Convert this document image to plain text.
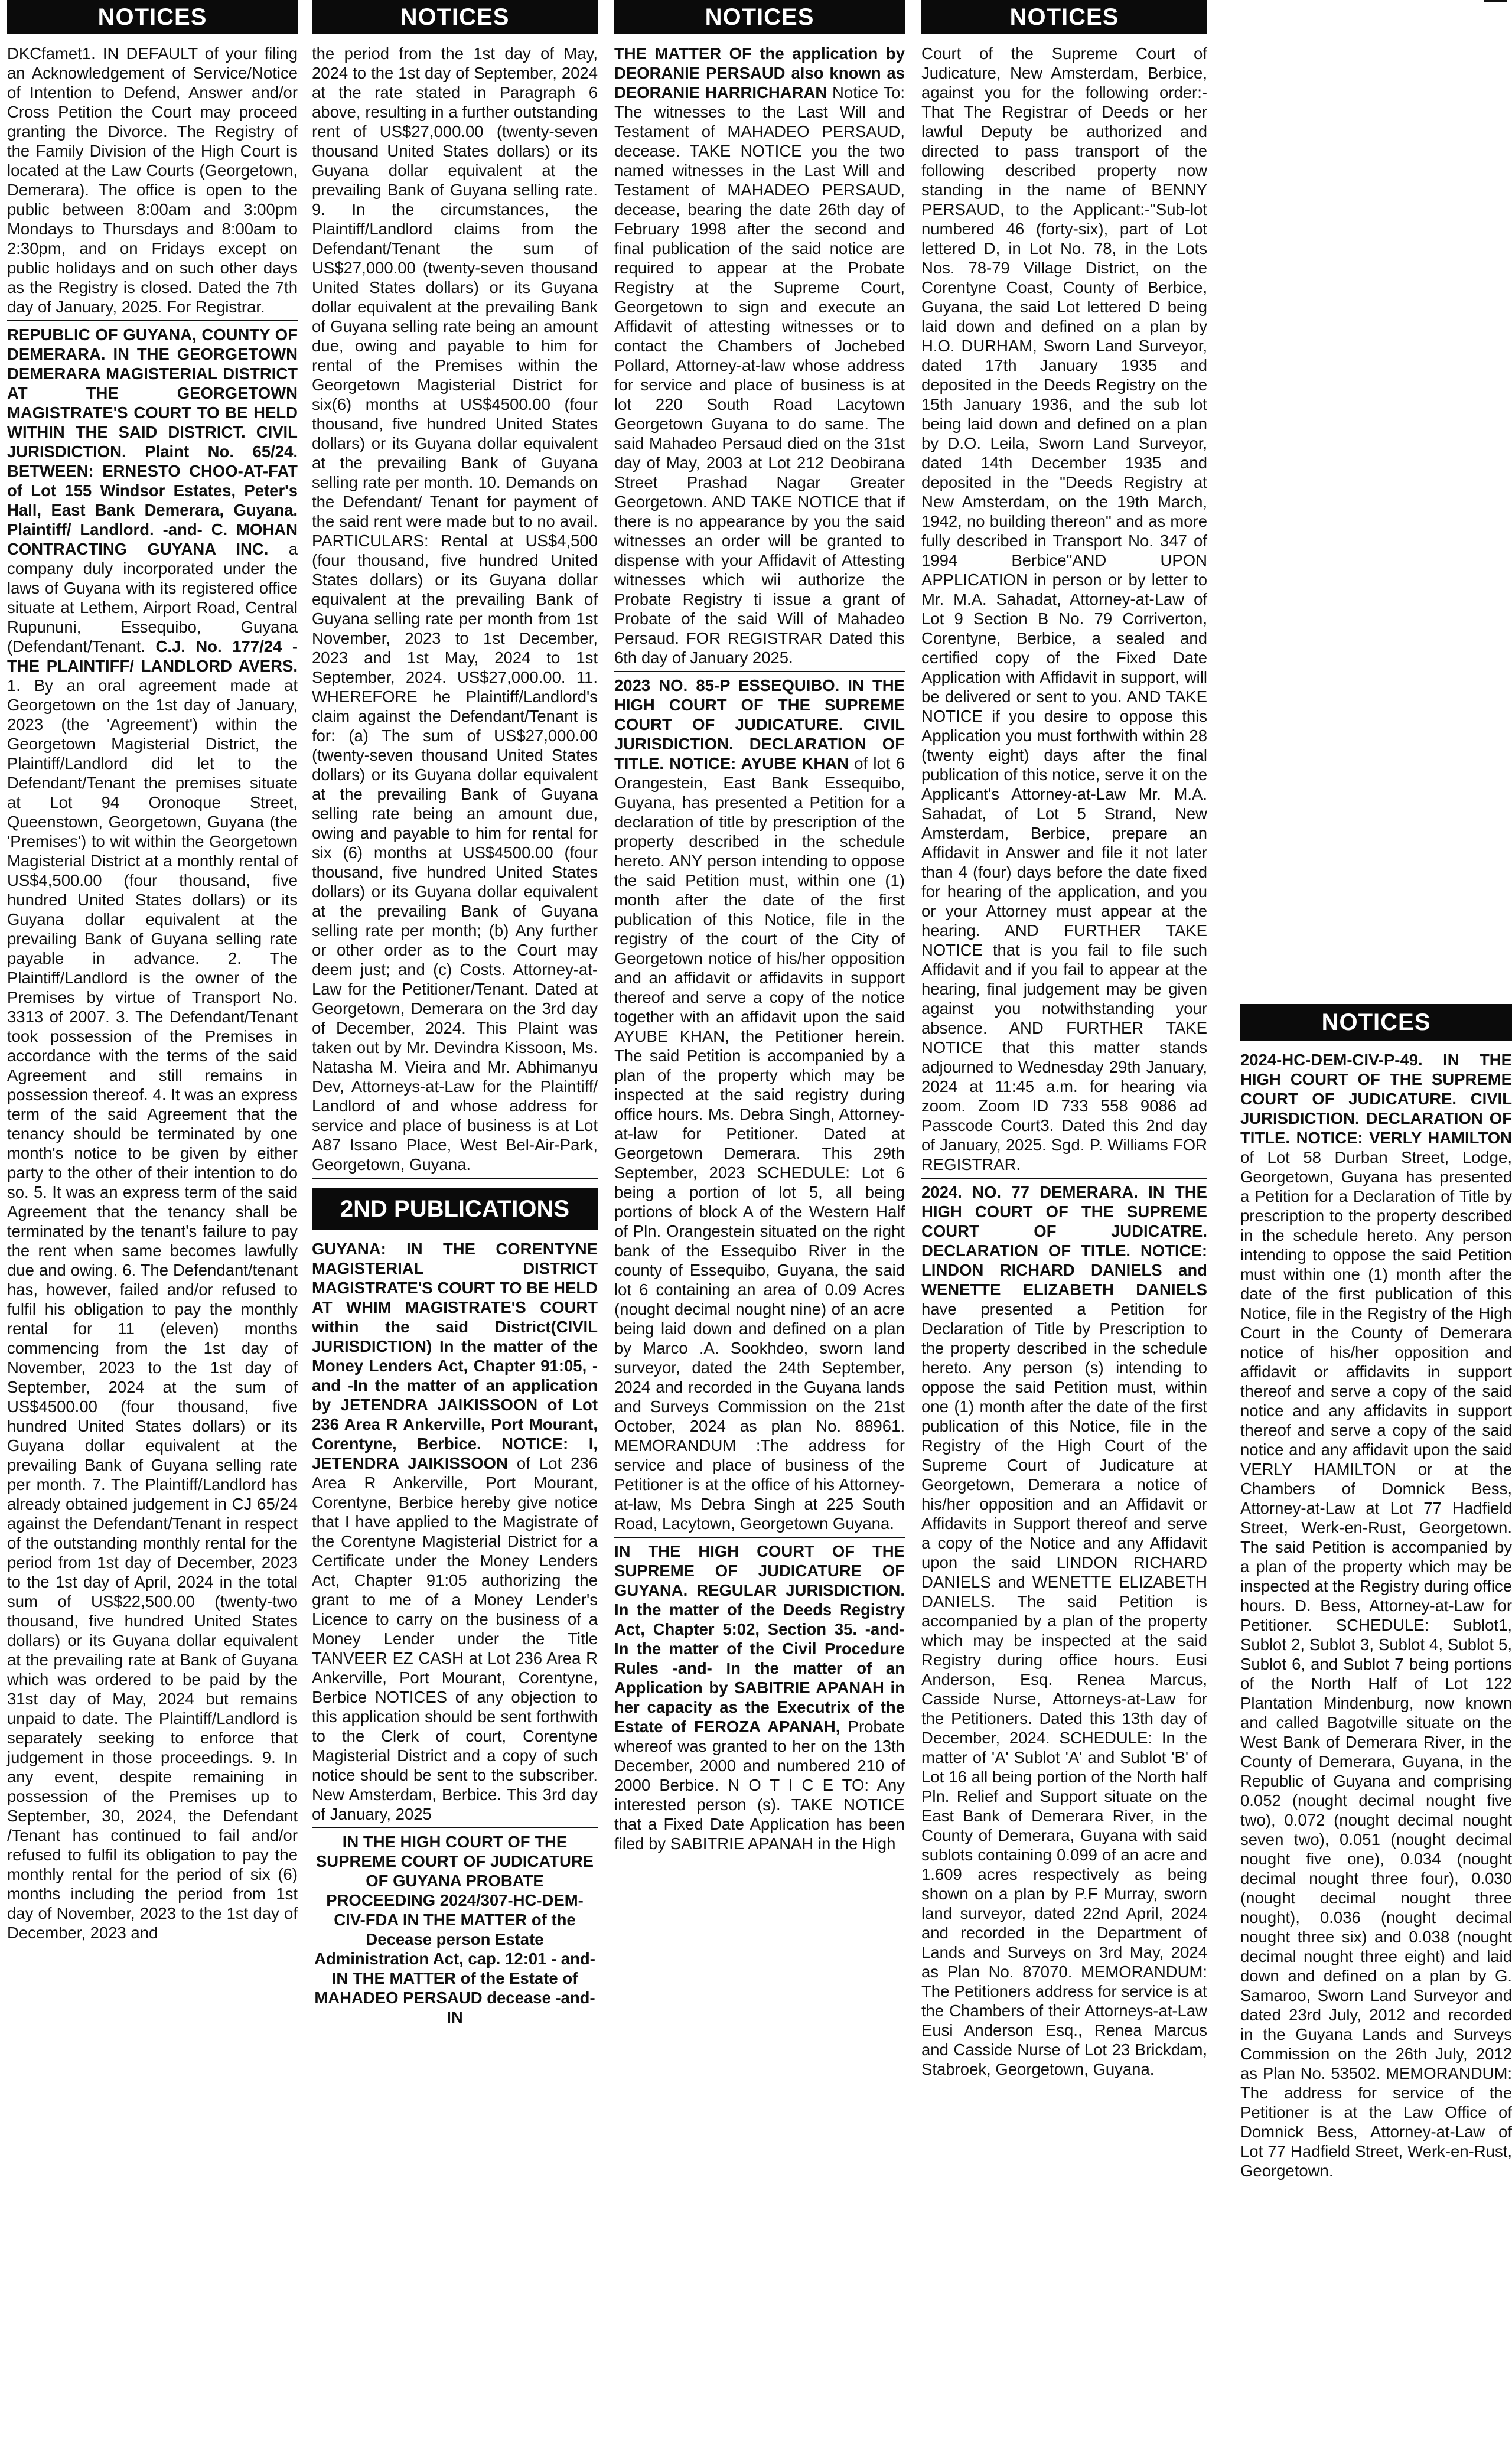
NOTICES

DKCfamet1. IN DEFAULT of your filing an Acknowledgement of Service/Notice of Intention to Defend, Answer and/or Cross Petition the Court may proceed granting the Divorce. The Registry of the Family Division of the High Court is located at the Law Courts (Georgetown, Demerara). The office is open to the public between 8:00am and 3:00pm Mondays to Thursdays and 8:00am to 2:30pm, and on Fridays except on public holidays and on such other days as the Registry is closed. Dated the 7th day of January, 2025. For Registrar.

REPUBLIC OF GUYANA, COUNTY OF DEMERARA. IN THE GEORGETOWN DEMERARA MAGISTERIAL DISTRICT AT THE GEORGETOWN MAGISTRATE'S COURT TO BE HELD WITHIN THE SAID DISTRICT. CIVIL JURISDICTION. Plaint No. 65/24. BETWEEN: ERNESTO CHOO-AT-FAT of Lot 155 Windsor Estates, Peter's Hall, East Bank Demerara, Guyana. Plaintiff/ Landlord. -and- C. MOHAN CONTRACTING GUYANA INC. a company duly incorporated under the laws of Guyana with its registered office situate at Lethem, Airport Road, Central Rupununi, Essequibo, Guyana (Defendant/Tenant. C.J. No. 177/24 - THE PLAINTIFF/ LANDLORD AVERS. 1. By an oral agreement made at Georgetown on the 1st day of January, 2023 (the 'Agreement') within the Georgetown Magisterial District, the Plaintiff/Landlord did let to the Defendant/Tenant the premises situate at Lot 94 Oronoque Street, Queenstown, Georgetown, Guyana (the 'Premises') to wit within the Georgetown Magisterial District at a monthly rental of US$4,500.00 (four thousand, five hundred United States dollars) or its Guyana dollar equivalent at the prevailing Bank of Guyana selling rate payable in advance. 2. The Plaintiff/Landlord is the owner of the Premises by virtue of Transport No. 3313 of 2007. 3. The Defendant/Tenant took possession of the Premises in accordance with the terms of the said Agreement and still remains in possession thereof. 4. It was an express term of the said Agreement that the tenancy should be terminated by one month's notice to be given by either party to the other of their intention to do so. 5. It was an express term of the said Agreement that the tenancy shall be terminated by the tenant's failure to pay the rent when same becomes lawfully due and owing. 6. The Defendant/tenant has, however, failed and/or refused to fulfil his obligation to pay the monthly rental for 11 (eleven) months commencing from the 1st day of November, 2023 to the 1st day of September, 2024 at the sum of US$4500.00 (four thousand, five hundred United States dollars) or its Guyana dollar equivalent at the prevailing Bank of Guyana selling rate per month. 7. The Plaintiff/Landlord has already obtained judgement in CJ 65/24 against the Defendant/Tenant in respect of the outstanding monthly rental for the period from 1st day of December, 2023 to the 1st day of April, 2024 in the total sum of US$22,500.00 (twenty-two thousand, five hundred United States dollars) or its Guyana dollar equivalent at the prevailing rate at Bank of Guyana which was ordered to be paid by the 31st day of May, 2024 but remains unpaid to date. The Plaintiff/Landlord is separately seeking to enforce that judgement in those proceedings. 9. In any event, despite remaining in possession of the Premises up to September, 30, 2024, the Defendant /Tenant has continued to fail and/or refused to fulfil its obligation to pay the monthly rental for the period of six (6) months including the period from 1st day of November, 2023 to the 1st day of December, 2023 and

NOTICES

the period from the 1st day of May, 2024 to the 1st day of September, 2024 at the rate stated in Paragraph 6 above, resulting in a further outstanding rent of US$27,000.00 (twenty-seven thousand United States dollars) or its Guyana dollar equivalent at the prevailing Bank of Guyana selling rate. 9. In the circumstances, the Plaintiff/Landlord claims from the Defendant/Tenant the sum of US$27,000.00 (twenty-seven thousand United States dollars) or its Guyana dollar equivalent at the prevailing Bank of Guyana selling rate being an amount due, owing and payable to him for rental of the Premises within the Georgetown Magisterial District for six(6) months at US$4500.00 (four thousand, five hundred United States dollars) or its Guyana dollar equivalent at the prevailing Bank of Guyana selling rate per month. 10. Demands on the Defendant/ Tenant for payment of the said rent were made but to no avail. PARTICULARS: Rental at US$4,500 (four thousand, five hundred United States dollars) or its Guyana dollar equivalent at the prevailing Bank of Guyana selling rate per month from 1st November, 2023 to 1st December, 2023 and 1st May, 2024 to 1st September, 2024. US$27,000.00. 11. WHEREFORE he Plaintiff/Landlord's claim against the Defendant/Tenant is for: (a) The sum of US$27,000.00 (twenty-seven thousand United States dollars) or its Guyana dollar equivalent at the prevailing Bank of Guyana selling rate being an amount due, owing and payable to him for rental for six (6) months at US$4500.00 (four thousand, five hundred United States dollars) or its Guyana dollar equivalent at the prevailing Bank of Guyana selling rate per month; (b) Any further or other order as to the Court may deem just; and (c) Costs. Attorney-at-Law for the Petitioner/Tenant. Dated at Georgetown, Demerara on the 3rd day of December, 2024. This Plaint was taken out by Mr. Devindra Kissoon, Ms. Natasha M. Vieira and Mr. Abhimanyu Dev, Attorneys-at-Law for the Plaintiff/ Landlord of and whose address for service and place of business is at Lot A87 Issano Place, West Bel-Air-Park, Georgetown, Guyana.

2ND PUBLICATIONS

GUYANA: IN THE CORENTYNE MAGISTERIAL DISTRICT MAGISTRATE'S COURT TO BE HELD AT WHIM MAGISTRATE'S COURT within the said District(CIVIL JURISDICTION) In the matter of the Money Lenders Act, Chapter 91:05, - and -In the matter of an application by JETENDRA JAIKISSOON of Lot 236 Area R Ankerville, Port Mourant, Corentyne, Berbice. NOTICE: I, JETENDRA JAIKISSOON of Lot 236 Area R Ankerville, Port Mourant, Corentyne, Berbice hereby give notice that I have applied to the Magistrate of the Corentyne Magisterial District for a Certificate under the Money Lenders Act, Chapter 91:05 authorizing the grant to me of a Money Lender's Licence to carry on the business of a Money Lender under the Title TANVEER EZ CASH at Lot 236 Area R Ankerville, Port Mourant, Corentyne, Berbice NOTICES of any objection to this application should be sent forthwith to the Clerk of court, Corentyne Magisterial District and a copy of such notice should be sent to the subscriber. New Amsterdam, Berbice. This 3rd day of January, 2025

IN THE HIGH COURT OF THE SUPREME COURT OF JUDICATURE OF GUYANA PROBATE PROCEEDING 2024/307-HC-DEM-CIV-FDA IN THE MATTER of the Decease person Estate Administration Act, cap. 12:01 - and- IN THE MATTER of the Estate of MAHADEO PERSAUD decease -and- IN

NOTICES

THE MATTER OF the application by DEORANIE PERSAUD also known as DEORANIE HARRICHARAN Notice To: The witnesses to the Last Will and Testament of MAHADEO PERSAUD, decease. TAKE NOTICE you the two named witnesses in the Last Will and Testament of MAHADEO PERSAUD, decease, bearing the date 26th day of February 1998 after the second and final publication of the said notice are required to appear at the Probate Registry at the Supreme Court, Georgetown to sign and execute an Affidavit of attesting witnesses or to contact the Chambers of Jochebed Pollard, Attorney-at-law whose address for service and place of business is at lot 220 South Road Lacytown Georgetown Guyana to do same. The said Mahadeo Persaud died on the 31st day of May, 2003 at Lot 212 Deobirana Street Prashad Nagar Greater Georgetown. AND TAKE NOTICE that if there is no appearance by you the said witnesses an order will be granted to dispense with your Affidavit of Attesting witnesses which wii authorize the Probate Registry ti issue a grant of Probate of the said Will of Mahadeo Persaud. FOR REGISTRAR Dated this 6th day of January 2025.

2023 NO. 85-P ESSEQUIBO. IN THE HIGH COURT OF THE SUPREME COURT OF JUDICATURE. CIVIL JURISDICTION. DECLARATION OF TITLE. NOTICE: AYUBE KHAN of lot 6 Orangestein, East Bank Essequibo, Guyana, has presented a Petition for a declaration of title by prescription of the property described in the schedule hereto. ANY person intending to oppose the said Petition must, within one (1) month after the date of the first publication of this Notice, file in the registry of the court of the City of Georgetown notice of his/her opposition and an affidavit or affidavits in support thereof and serve a copy of the notice together with an affidavit upon the said AYUBE KHAN, the Petitioner herein. The said Petition is accompanied by a plan of the property which may be inspected at the said registry during office hours. Ms. Debra Singh, Attorney-at-law for Petitioner. Dated at Georgetown Demerara. This 29th September, 2023 SCHEDULE: Lot 6 being a portion of lot 5, all being portions of block A of the Western Half of Pln. Orangestein situated on the right bank of the Essequibo River in the county of Essequibo, Guyana, the said lot 6 containing an area of 0.09 Acres (nought decimal nought nine) of an acre being laid down and defined on a plan by Marco .A. Sookhdeo, sworn land surveyor, dated the 24th September, 2024 and recorded in the Guyana lands and Surveys Commission on the 21st October, 2024 as plan No. 88961. MEMORANDUM :The address for service and place of business of the Petitioner is at the office of his Attorney-at-law, Ms Debra Singh at 225 South Road, Lacytown, Georgetown Guyana.

IN THE HIGH COURT OF THE SUPREME OF JUDICATURE OF GUYANA. REGULAR JURISDICTION. In the matter of the Deeds Registry Act, Chapter 5:02, Section 35. -and- In the matter of the Civil Procedure Rules -and- In the matter of an Application by SABITRIE APANAH in her capacity as the Executrix of the Estate of FEROZA APANAH, Probate whereof was granted to her on the 13th December, 2000 and numbered 210 of 2000 Berbice. N O T I C E TO: Any interested person (s). TAKE NOTICE that a Fixed Date Application has been filed by SABITRIE APANAH in the High

NOTICES

Court of the Supreme Court of Judicature, New Amsterdam, Berbice, against you for the following order:- That The Registrar of Deeds or her lawful Deputy be authorized and directed to pass transport of the following described property now standing in the name of BENNY PERSAUD, to the Applicant:-"Sub-lot numbered 46 (forty-six), part of Lot lettered D, in Lot No. 78, in the Lots Nos. 78-79 Village District, on the Corentyne Coast, County of Berbice, Guyana, the said Lot lettered D being laid down and defined on a plan by H.O. DURHAM, Sworn Land Surveyor, dated 17th January 1935 and deposited in the Deeds Registry on the 15th January 1936, and the sub lot being laid down and defined on a plan by D.O. Leila, Sworn Land Surveyor, dated 14th December 1935 and deposited in the "Deeds Registry at New Amsterdam, on the 19th March, 1942, no building thereon" and as more fully described in Transport No. 347 of 1994 Berbice"AND UPON APPLICATION in person or by letter to Mr. M.A. Sahadat, Attorney-at-Law of Lot 9 Section B No. 79 Corriverton, Corentyne, Berbice, a sealed and certified copy of the Fixed Date Application with Affidavit in support, will be delivered or sent to you. AND TAKE NOTICE if you desire to oppose this Application you must forthwith within 28 (twenty eight) days after the final publication of this notice, serve it on the Applicant's Attorney-at-Law Mr. M.A. Sahadat, of Lot 5 Strand, New Amsterdam, Berbice, prepare an Affidavit in Answer and file it not later than 4 (four) days before the date fixed for hearing of the application, and you or your Attorney must appear at the hearing. AND FURTHER TAKE NOTICE that is you fail to file such Affidavit and if you fail to appear at the hearing, final judgement may be given against you notwithstanding your absence. AND FURTHER TAKE NOTICE that this matter stands adjourned to Wednesday 29th January, 2024 at 11:45 a.m. for hearing via zoom. Zoom ID 733 558 9086 ad Passcode Court3. Dated this 2nd day of January, 2025. Sgd. P. Williams FOR REGISTRAR.

2024. NO. 77 DEMERARA. IN THE HIGH COURT OF THE SUPREME COURT OF JUDICATRE. DECLARATION OF TITLE. NOTICE: LINDON RICHARD DANIELS and WENETTE ELIZABETH DANIELS have presented a Petition for Declaration of Title by Prescription to the property described in the schedule hereto. Any person (s) intending to oppose the said Petition must, within one (1) month after the date of the first publication of this Notice, file in the Registry of the High Court of the Supreme Court of Judicature at Georgetown, Demerara a notice of his/her opposition and an Affidavit or Affidavits in Support thereof and serve a copy of the Notice and any Affidavit upon the said LINDON RICHARD DANIELS and WENETTE ELIZABETH DANIELS. The said Petition is accompanied by a plan of the property which may be inspected at the said Registry during office hours. Eusi Anderson, Esq. Renea Marcus, Casside Nurse, Attorneys-at-Law for the Petitioners. Dated this 13th day of December, 2024. SCHEDULE: In the matter of 'A' Sublot 'A' and Sublot 'B' of Lot 16 all being portion of the North half Pln. Relief and Support situate on the East Bank of Demerara River, in the County of Demerara, Guyana with said sublots containing 0.099 of an acre and 1.609 acres respectively as being shown on a plan by P.F Murray, sworn land surveyor, dated 22nd April, 2024 and recorded in the Department of Lands and Surveys on 3rd May, 2024 as Plan No. 87070. MEMORANDUM: The Petitioners address for service is at the Chambers of their Attorneys-at-Law Eusi Anderson Esq., Renea Marcus and Casside Nurse of Lot 23 Brickdam, Stabroek, Georgetown, Guyana.

NOTICES

2024-HC-DEM-CIV-P-49. IN THE HIGH COURT OF THE SUPREME COURT OF JUDICATURE. CIVIL JURISDICTION. DECLARATION OF TITLE. NOTICE: VERLY HAMILTON of Lot 58 Durban Street, Lodge, Georgetown, Guyana has presented a Petition for a Declaration of Title by prescription to the property described in the schedule hereto. Any person intending to oppose the said Petition must within one (1) month after the date of the first publication of this Notice, file in the Registry of the High Court in the County of Demerara notice of his/her opposition and affidavit or affidavits in support thereof and serve a copy of the said notice and any affidavits in support thereof and serve a copy of the said notice and any affidavit upon the said VERLY HAMILTON or at the Chambers of Domnick Bess, Attorney-at-Law at Lot 77 Hadfield Street, Werk-en-Rust, Georgetown. The said Petition is accompanied by a plan of the property which may be inspected at the Registry during office hours. D. Bess, Attorney-at-Law for Petitioner. SCHEDULE: Sublot1, Sublot 2, Sublot 3, Sublot 4, Sublot 5, Sublot 6, and Sublot 7 being portions of the North Half of Lot 122 Plantation Mindenburg, now known and called Bagotville situate on the West Bank of Demerara River, in the County of Demerara, Guyana, in the Republic of Guyana and comprising 0.052 (nought decimal nought five two), 0.072 (nought decimal nought seven two), 0.051 (nought decimal nought five one), 0.034 (nought decimal nought three four), 0.030 (nought decimal nought three nought), 0.036 (nought decimal nought three six) and 0.038 (nought decimal nought three eight) and laid down and defined on a plan by G. Samaroo, Sworn Land Surveyor and dated 23rd July, 2012 and recorded in the Guyana Lands and Surveys Commission on the 26th July, 2012 as Plan No. 53502. MEMORANDUM: The address for service of the Petitioner is at the Law Office of Domnick Bess, Attorney-at-Law of Lot 77 Hadfield Street, Werk-en-Rust, Georgetown.
